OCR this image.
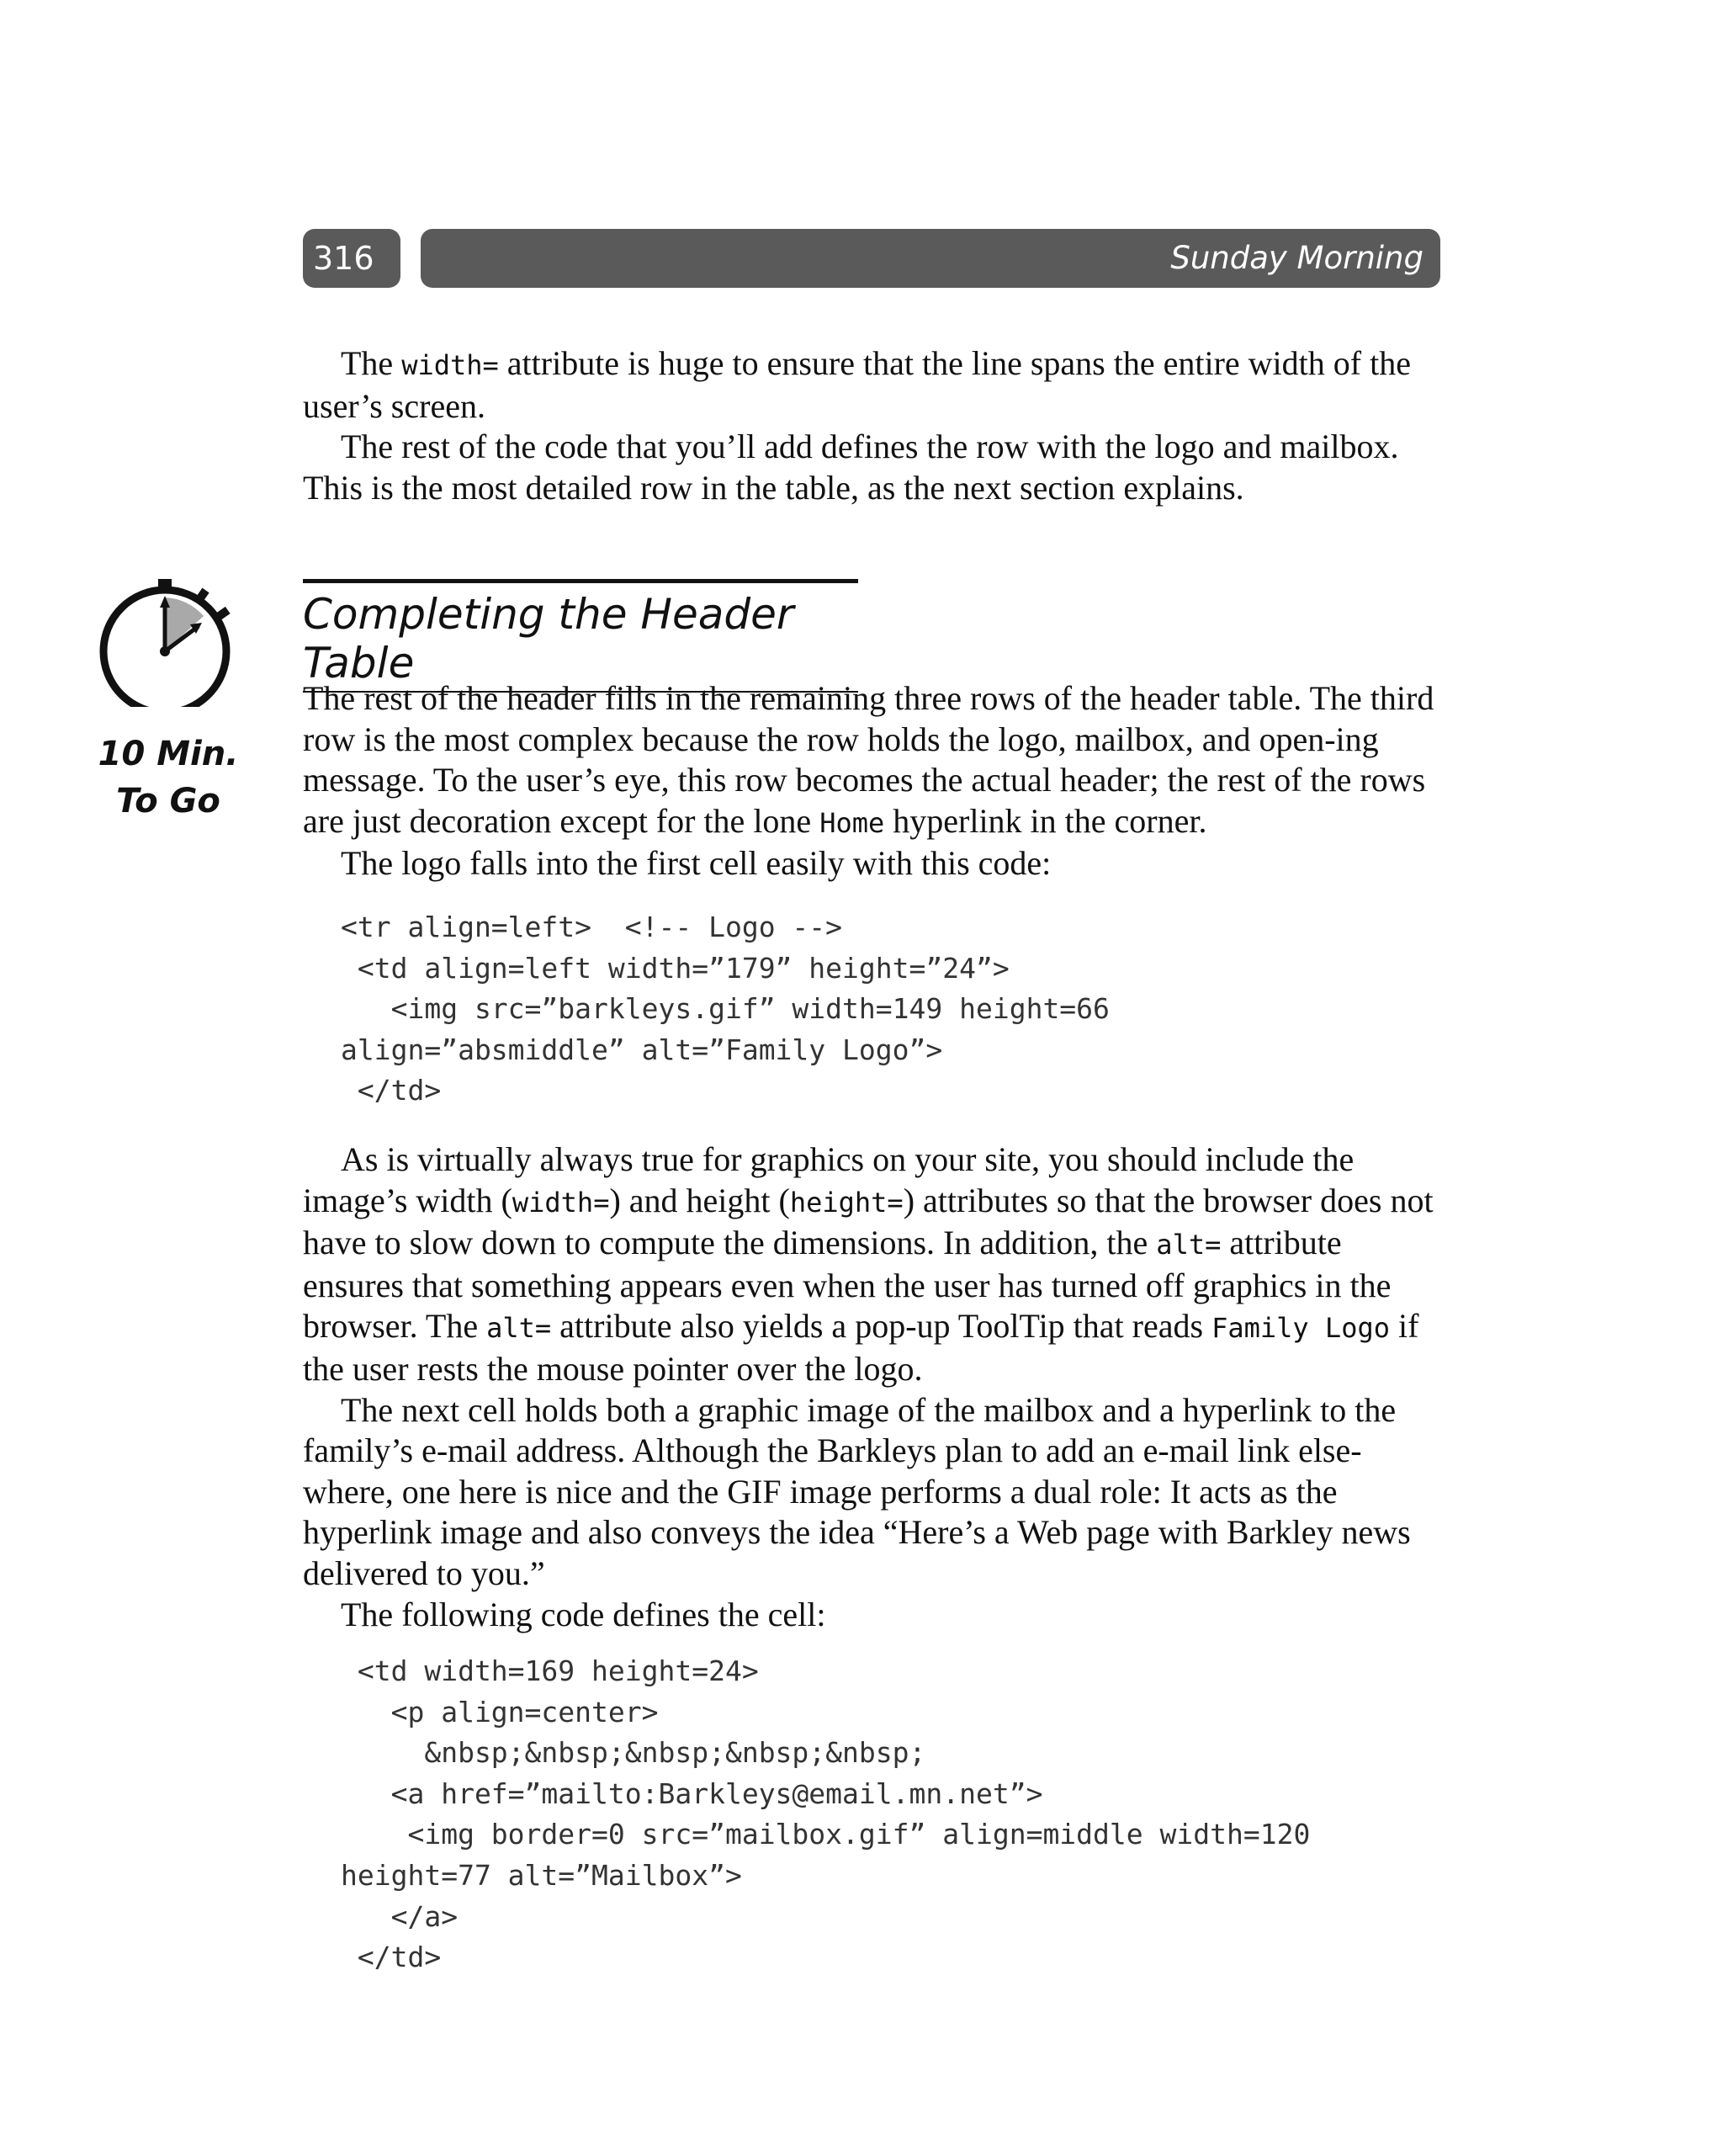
316	Sunday Morning

The width= attribute is huge to ensure that the line spans the entire width of the user’s screen.

The rest of the code that you’ll add defines the row with the logo and mailbox. This is the most detailed row in the table, as the next section explains.

10 Min.
To Go
Completing the Header Table

The rest of the header fills in the remaining three rows of the header table. The third row is the most complex because the row holds the logo, mailbox, and open-ing message. To the user’s eye, this row becomes the actual header; the rest of the rows are just decoration except for the lone Home hyperlink in the corner.

The logo falls into the first cell easily with this code:

<tr align=left>  <!-- Logo -->
<td align=left width=”179” height=”24”>
<img src=”barkleys.gif” width=149 height=66
align=”absmiddle” alt=”Family Logo”>
</td>

As is virtually always true for graphics on your site, you should include the image’s width (width=) and height (height=) attributes so that the browser does not have to slow down to compute the dimensions. In addition, the alt= attribute ensures that something appears even when the user has turned off graphics in the browser. The alt= attribute also yields a pop-up ToolTip that reads Family Logo if the user rests the mouse pointer over the logo.

The next cell holds both a graphic image of the mailbox and a hyperlink to the family’s e-mail address. Although the Barkleys plan to add an e-mail link else-where, one here is nice and the GIF image performs a dual role: It acts as the hyperlink image and also conveys the idea “Here’s a Web page with Barkley news delivered to you.”

The following code defines the cell:

<td width=169 height=24>
<p align=center>
&nbsp;&nbsp;&nbsp;&nbsp;&nbsp;
<a href=”mailto:Barkleys@email.mn.net”>
<img border=0 src=”mailbox.gif” align=middle width=120
height=77 alt=”Mailbox”>
</a>
</td>
